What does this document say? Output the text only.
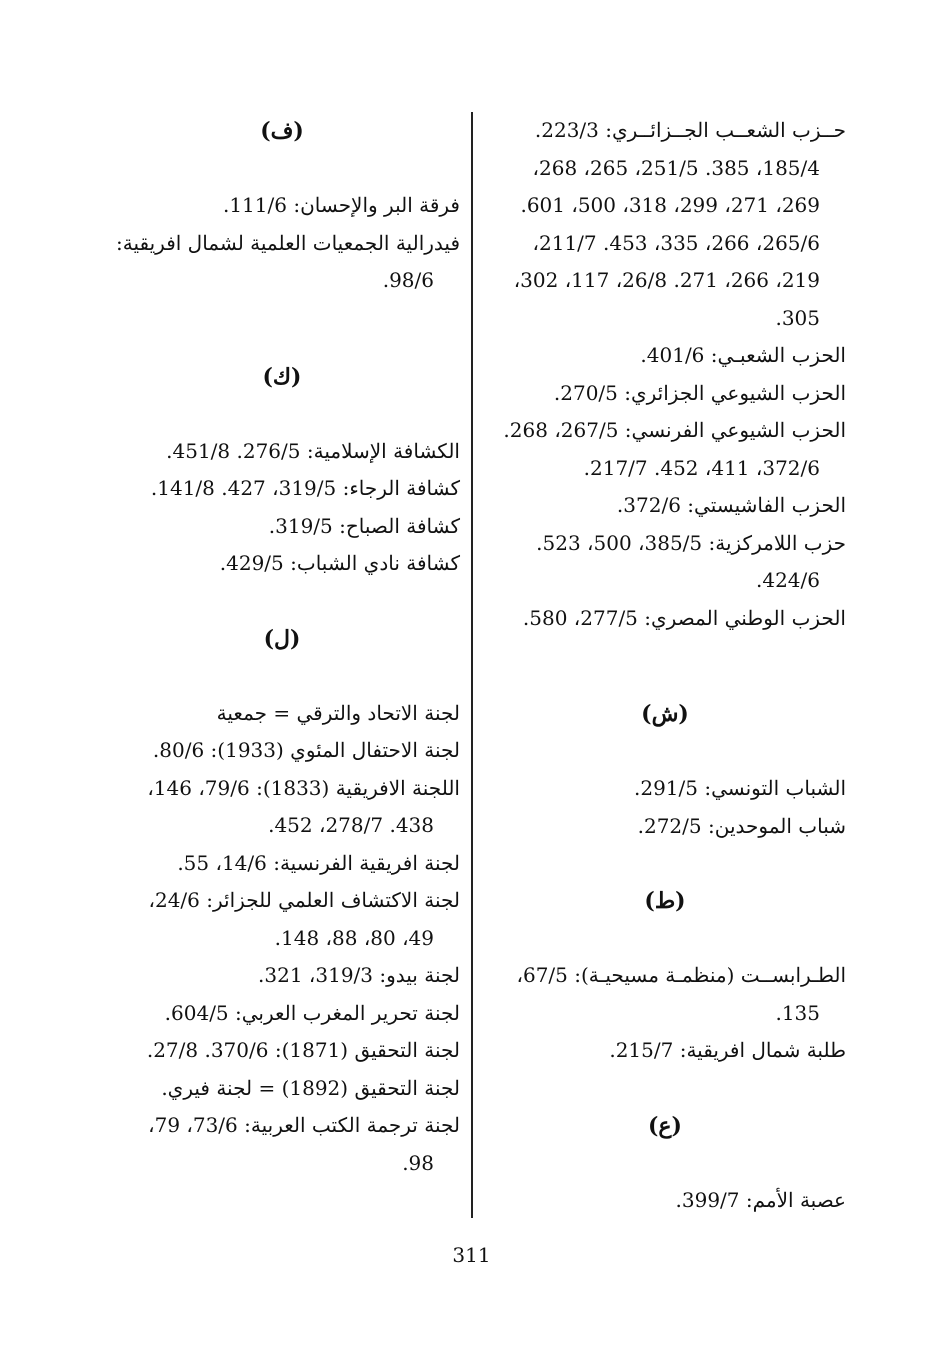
حــزب الشعــب الجــزائــري: 223/3.
185/4، 385. 251/5، 265، 268،
269، 271، 299، 318، 500، 601.
265/6، 266، 335، 453. 211/7،
219، 266، 271. 26/8، 117، 302،
305.
الحزب الشعبـي: 401/6.
الحزب الشيوعي الجزائري: 270/5.
الحزب الشيوعي الفرنسي: 267/5، 268.
372/6، 411، 452. 217/7.
الحزب الفاشيستي: 372/6.
حزب اللامركزية: 385/5، 500، 523.
424/6.
الحزب الوطني المصري: 277/5، 580.
(ش)
الشباب التونسي: 291/5.
شباب الموحدين: 272/5.
(ط)
الطـرابســت (منظمـة مسيحيـة): 67/5،
135.
طلبة شمال افريقية: 215/7.
(ع)
عصبة الأمم: 399/7.
(ف)
فرقة البر والإحسان: 111/6.
فيدرالية الجمعيات العلمية لشمال افريقية:
98/6.
(ك)
الكشافة الإسلامية: 276/5. 451/8.
كشافة الرجاء: 319/5، 427. 141/8.
كشافة الصباح: 319/5.
كشافة نادي الشباب: 429/5.
(ل)
لجنة الاتحاد والترقي = جمعية
لجنة الاحتفال المئوي (1933): 80/6.
اللجنة الافريقية (1833): 79/6، 146،
438. 278/7، 452.
لجنة افريقية الفرنسية: 14/6، 55.
لجنة الاكتشاف العلمي للجزائر: 24/6،
49، 80، 88، 148.
لجنة بيدو: 319/3، 321.
لجنة تحرير المغرب العربي: 604/5.
لجنة التحقيق (1871): 370/6. 27/8.
لجنة التحقيق (1892) = لجنة فيري.
لجنة ترجمة الكتب العربية: 73/6، 79،
98.
311
